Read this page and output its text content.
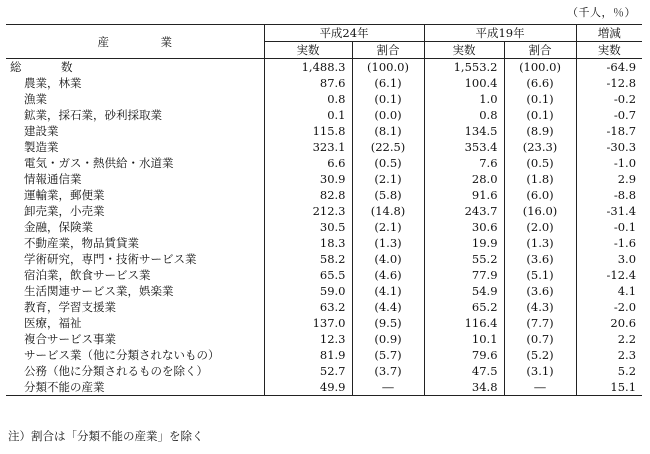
（千人，％）
産　業	平成24年		平成19年		増減
	実数	割合	実数	割合	実数
総　数	1,488.3	(100.0)	1,553.2	(100.0)	-64.9
農業，林業	87.6	(6.1)	100.4	(6.6)	-12.8
漁業	0.8	(0.1)	1.0	(0.1)	-0.2
鉱業，採石業，砂利採取業	0.1	(0.0)	0.8	(0.1)	-0.7
建設業	115.8	(8.1)	134.5	(8.9)	-18.7
製造業	323.1	(22.5)	353.4	(23.3)	-30.3
電気・ガス・熱供給・水道業	6.6	(0.5)	7.6	(0.5)	-1.0
情報通信業	30.9	(2.1)	28.0	(1.8)	2.9
運輸業，郵便業	82.8	(5.8)	91.6	(6.0)	-8.8
卸売業，小売業	212.3	(14.8)	243.7	(16.0)	-31.4
金融，保険業	30.5	(2.1)	30.6	(2.0)	-0.1
不動産業，物品賃貸業	18.3	(1.3)	19.9	(1.3)	-1.6
学術研究，専門・技術サービス業	58.2	(4.0)	55.2	(3.6)	3.0
宿泊業，飲食サービス業	65.5	(4.6)	77.9	(5.1)	-12.4
生活関連サービス業，娯楽業	59.0	(4.1)	54.9	(3.6)	4.1
教育，学習支援業	63.2	(4.4)	65.2	(4.3)	-2.0
医療，福祉	137.0	(9.5)	116.4	(7.7)	20.6
複合サービス事業	12.3	(0.9)	10.1	(0.7)	2.2
サービス業（他に分類されないもの）	81.9	(5.7)	79.6	(5.2)	2.3
公務（他に分類されるものを除く）	52.7	(3.7)	47.5	(3.1)	5.2
分類不能の産業	49.9	―	34.8	―	15.1
注）割合は「分類不能の産業」を除く
